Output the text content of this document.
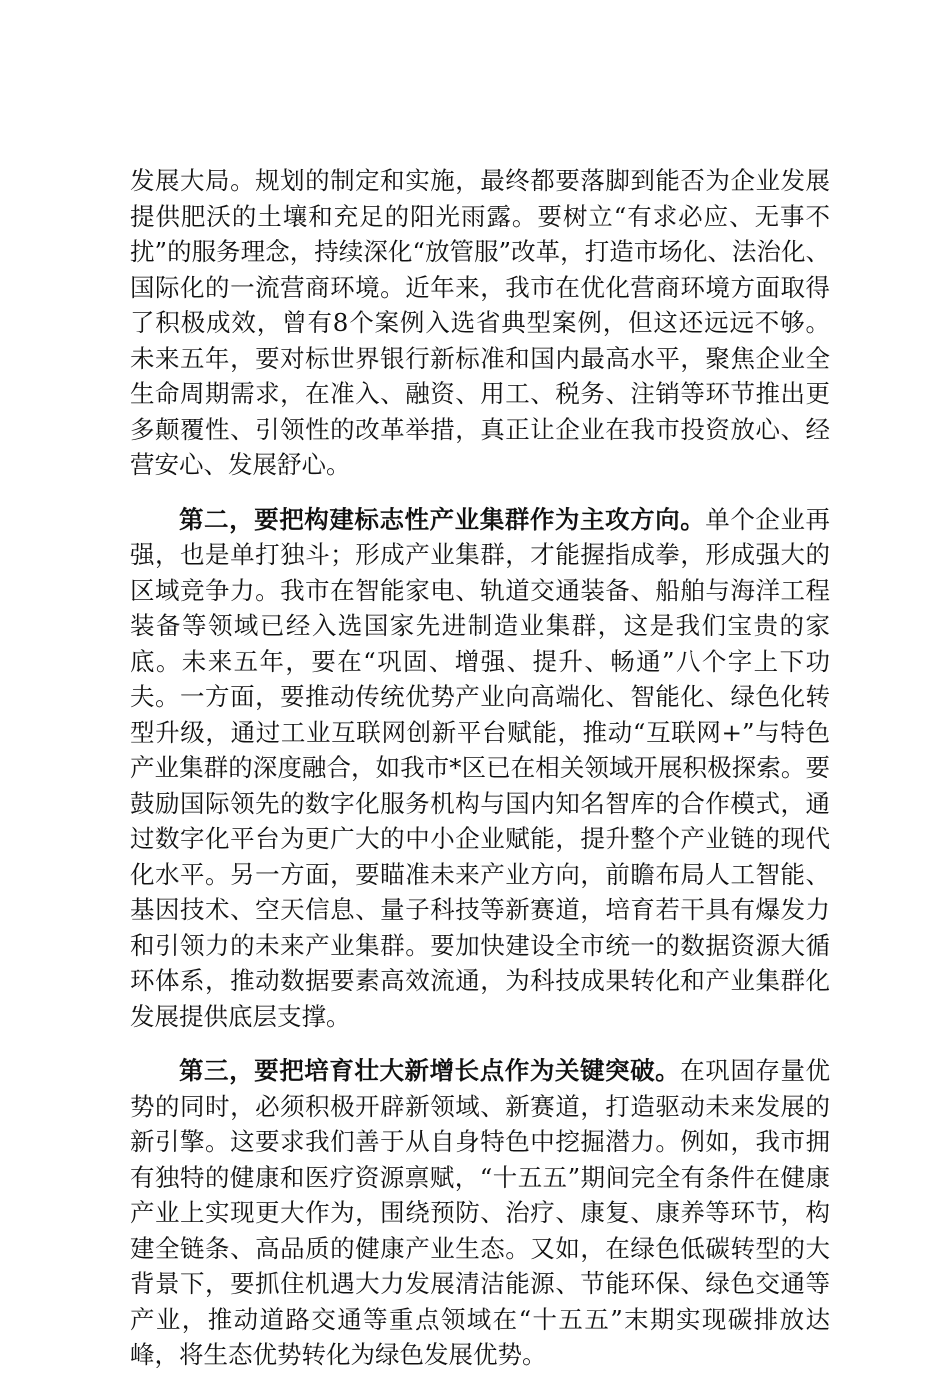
发展大局。规划的制定和实施，最终都要落脚到能否为企业发展提供肥沃的土壤和充足的阳光雨露。要树立“有求必应、无事不扰”的服务理念，持续深化“放管服”改革，打造市场化、法治化、国际化的一流营商环境。近年来，我市在优化营商环境方面取得了积极成效，曾有8个案例入选省典型案例，但这还远远不够。未来五年，要对标世界银行新标准和国内最高水平，聚焦企业全生命周期需求，在准入、融资、用工、税务、注销等环节推出更多颠覆性、引领性的改革举措，真正让企业在我市投资放心、经营安心、发展舒心。

第二，要把构建标志性产业集群作为主攻方向。单个企业再强，也是单打独斗；形成产业集群，才能握指成拳，形成强大的区域竞争力。我市在智能家电、轨道交通装备、船舶与海洋工程装备等领域已经入选国家先进制造业集群，这是我们宝贵的家底。未来五年，要在“巩固、增强、提升、畅通”八个字上下功夫。一方面，要推动传统优势产业向高端化、智能化、绿色化转型升级，通过工业互联网创新平台赋能，推动“互联网+”与特色产业集群的深度融合，如我市*区已在相关领域开展积极探索。要鼓励国际领先的数字化服务机构与国内知名智库的合作模式，通过数字化平台为更广大的中小企业赋能，提升整个产业链的现代化水平。另一方面，要瞄准未来产业方向，前瞻布局人工智能、基因技术、空天信息、量子科技等新赛道，培育若干具有爆发力和引领力的未来产业集群。要加快建设全市统一的数据资源大循环体系，推动数据要素高效流通，为科技成果转化和产业集群化发展提供底层支撑。

第三，要把培育壮大新增长点作为关键突破。在巩固存量优势的同时，必须积极开辟新领域、新赛道，打造驱动未来发展的新引擎。这要求我们善于从自身特色中挖掘潜力。例如，我市拥有独特的健康和医疗资源禀赋，“十五五”期间完全有条件在健康产业上实现更大作为，围绕预防、治疗、康复、康养等环节，构建全链条、高品质的健康产业生态。又如，在绿色低碳转型的大背景下，要抓住机遇大力发展清洁能源、节能环保、绿色交通等产业，推动道路交通等重点领域在“十五五”末期实现碳排放达峰，将生态优势转化为绿色发展优势。
